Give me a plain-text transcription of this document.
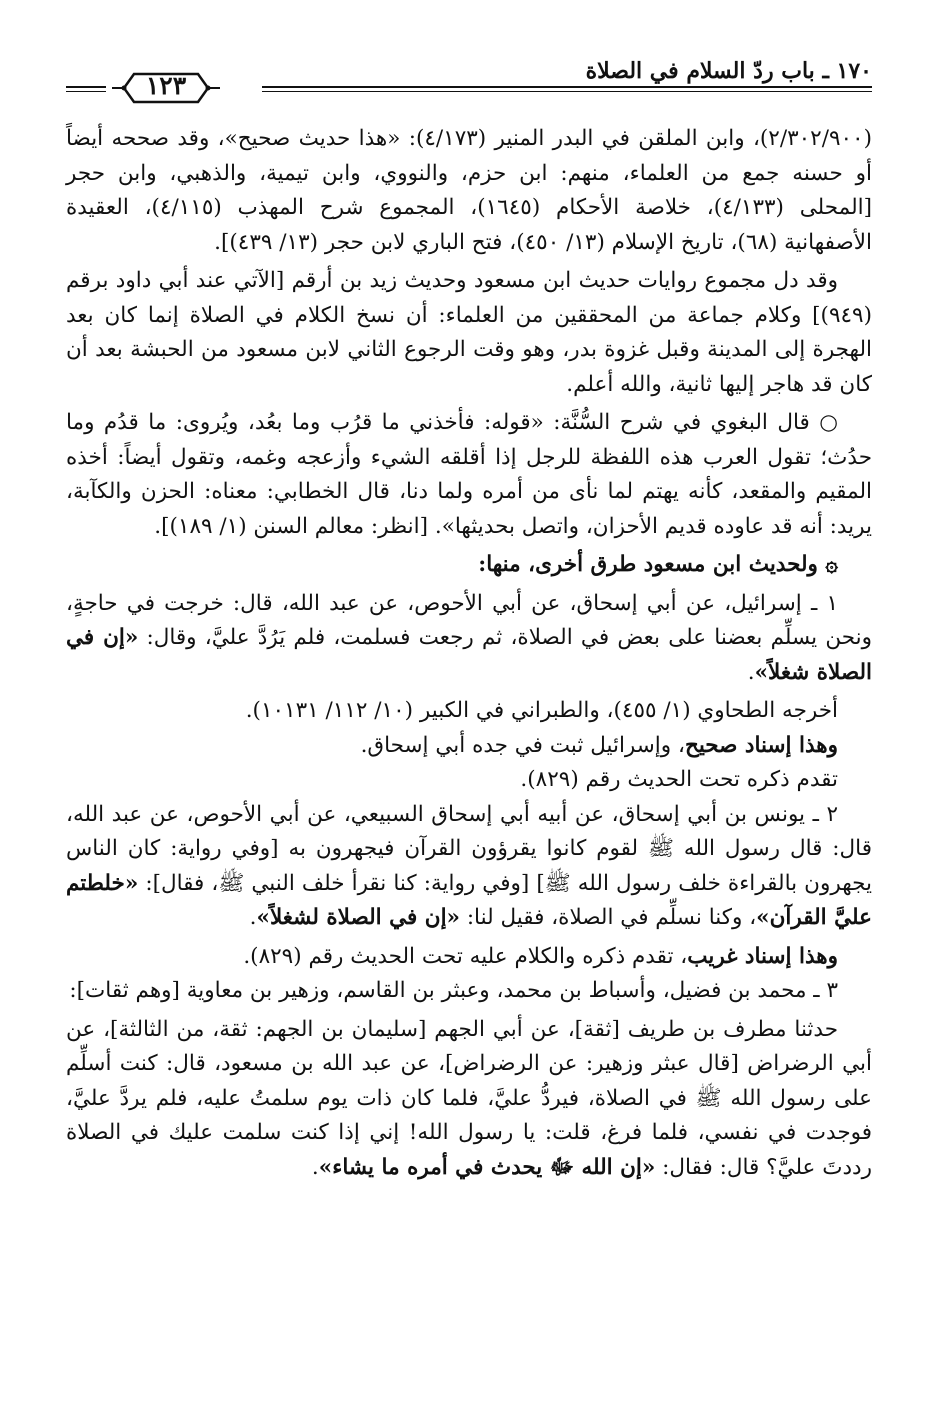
١٧٠ ـ باب ردّ السلام في الصلاة
١٢٣

(٢/٣٠٢/٩٠٠)، وابن الملقن في البدر المنير (٤/١٧٣): «هذا حديث صحيح»، وقد صححه أيضاً أو حسنه جمع من العلماء، منهم: ابن حزم، والنووي، وابن تيمية، والذهبي، وابن حجر [المحلى (٤/١٣٣)، خلاصة الأحكام (١٦٤٥)، المجموع شرح المهذب (٤/١١٥)، العقيدة الأصفهانية (٦٨)، تاريخ الإسلام (١٣/ ٤٥٠)، فتح الباري لابن حجر (١٣/ ٤٣٩)].

وقد دل مجموع روايات حديث ابن مسعود وحديث زيد بن أرقم [الآتي عند أبي داود برقم (٩٤٩)] وكلام جماعة من المحققين من العلماء: أن نسخ الكلام في الصلاة إنما كان بعد الهجرة إلى المدينة وقبل غزوة بدر، وهو وقت الرجوع الثاني لابن مسعود من الحبشة بعد أن كان قد هاجر إليها ثانية، والله أعلم.

○ قال البغوي في شرح السُّنَّة: «قوله: فأخذني ما قرُب وما بعُد، ويُروى: ما قدُم وما حدُث؛ تقول العرب هذه اللفظة للرجل إذا أقلقه الشيء وأزعجه وغمه، وتقول أيضاً: أخذه المقيم والمقعد، كأنه يهتم لما نأى من أمره ولما دنا، قال الخطابي: معناه: الحزن والكآبة، يريد: أنه قد عاوده قديم الأحزان، واتصل بحديثها». [انظر: معالم السنن (١/ ١٨٩)].

۞ ولحديث ابن مسعود طرق أخرى، منها:

١ ـ إسرائيل، عن أبي إسحاق، عن أبي الأحوص، عن عبد الله، قال: خرجت في حاجةٍ، ونحن يسلِّم بعضنا على بعض في الصلاة، ثم رجعت فسلمت، فلم يَرُدَّ عليَّ، وقال: «إن في الصلاة شغلاً».

أخرجه الطحاوي (١/ ٤٥٥)، والطبراني في الكبير (١٠/ ١١٢/ ١٠١٣١).

وهذا إسناد صحيح، وإسرائيل ثبت في جده أبي إسحاق.

تقدم ذكره تحت الحديث رقم (٨٢٩).

٢ ـ يونس بن أبي إسحاق، عن أبيه أبي إسحاق السبيعي، عن أبي الأحوص، عن عبد الله، قال: قال رسول الله ﷺ لقوم كانوا يقرؤون القرآن فيجهرون به [وفي رواية: كان الناس يجهرون بالقراءة خلف رسول الله ﷺ] [وفي رواية: كنا نقرأ خلف النبي ﷺ، فقال]: «خلطتم عليَّ القرآن»، وكنا نسلِّم في الصلاة، فقيل لنا: «إن في الصلاة لشغلاً».

وهذا إسناد غريب، تقدم ذكره والكلام عليه تحت الحديث رقم (٨٢٩).

٣ ـ محمد بن فضيل، وأسباط بن محمد، وعبثر بن القاسم، وزهير بن معاوية [وهم ثقات]:

حدثنا مطرف بن طريف [ثقة]، عن أبي الجهم [سليمان بن الجهم: ثقة، من الثالثة]، عن أبي الرضراض [قال عبثر وزهير: عن الرضراض]، عن عبد الله بن مسعود، قال: كنت أسلِّم على رسول الله ﷺ في الصلاة، فيردُّ عليَّ، فلما كان ذات يوم سلمتُ عليه، فلم يردَّ عليَّ، فوجدت في نفسي، فلما فرغ، قلت: يا رسول الله! إني إذا كنت سلمت عليك في الصلاة رددتَ عليَّ؟ قال: فقال: «إن الله ﷻ يحدث في أمره ما يشاء».
